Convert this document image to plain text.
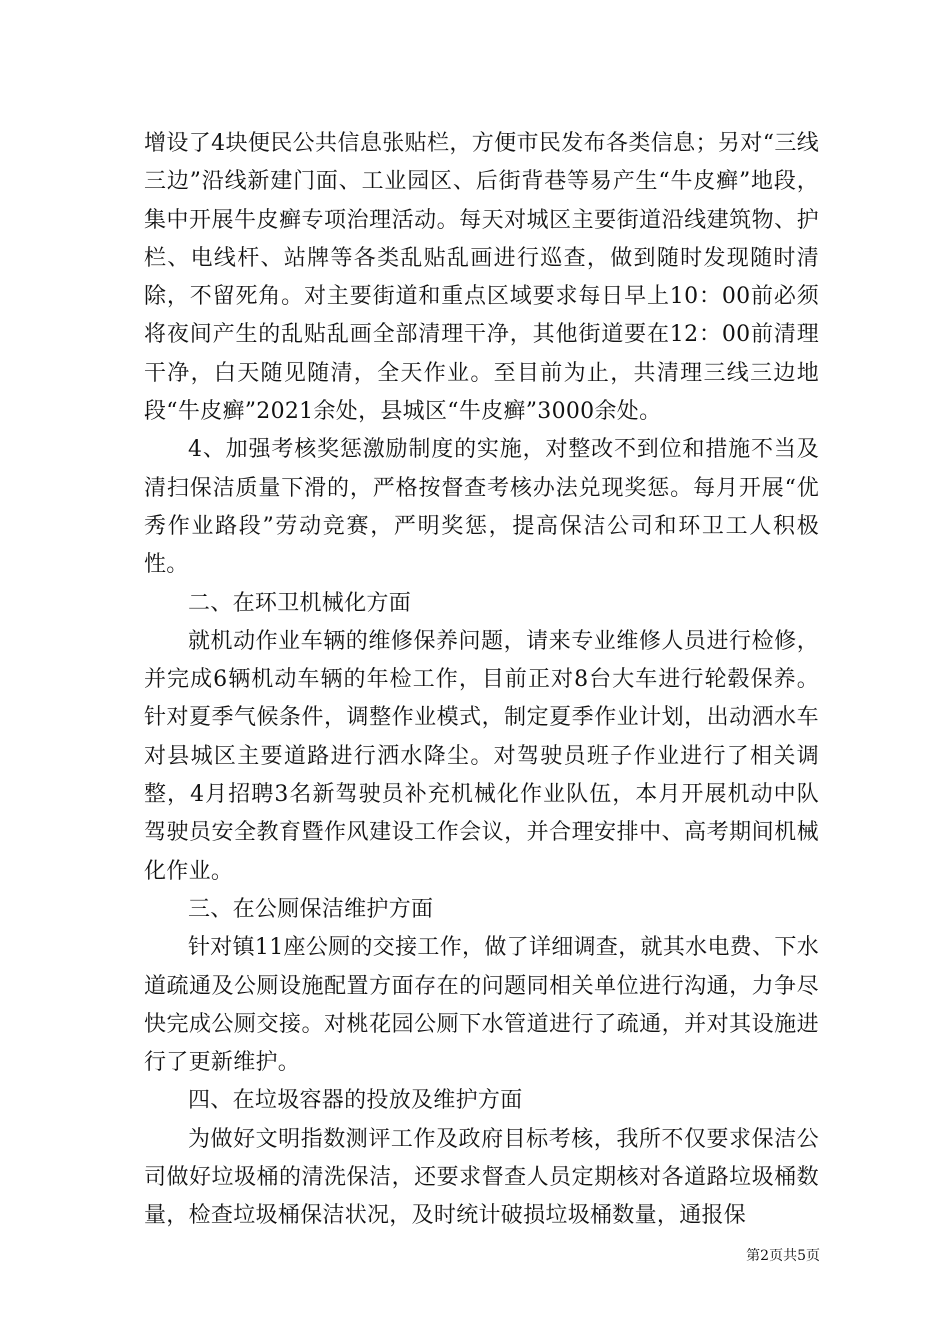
增设了4块便民公共信息张贴栏，方便市民发布各类信息；另对“三线三边”沿线新建门面、工业园区、后街背巷等易产生“牛皮癣”地段，集中开展牛皮癣专项治理活动。每天对城区主要街道沿线建筑物、护栏、电线杆、站牌等各类乱贴乱画进行巡查，做到随时发现随时清除，不留死角。对主要街道和重点区域要求每日早上10：00前必须将夜间产生的乱贴乱画全部清理干净，其他街道要在12：00前清理干净，白天随见随清，全天作业。至目前为止，共清理三线三边地段“牛皮癣”2021余处，县城区“牛皮癣”3000余处。

4、加强考核奖惩激励制度的实施，对整改不到位和措施不当及清扫保洁质量下滑的，严格按督查考核办法兑现奖惩。每月开展“优秀作业路段”劳动竞赛，严明奖惩，提高保洁公司和环卫工人积极性。

二、在环卫机械化方面

就机动作业车辆的维修保养问题，请来专业维修人员进行检修，并完成6辆机动车辆的年检工作，目前正对8台大车进行轮毂保养。针对夏季气候条件，调整作业模式，制定夏季作业计划，出动洒水车对县城区主要道路进行洒水降尘。对驾驶员班子作业进行了相关调整，4月招聘3名新驾驶员补充机械化作业队伍，本月开展机动中队驾驶员安全教育暨作风建设工作会议，并合理安排中、高考期间机械化作业。

三、在公厕保洁维护方面

针对镇11座公厕的交接工作，做了详细调查，就其水电费、下水道疏通及公厕设施配置方面存在的问题同相关单位进行沟通，力争尽快完成公厕交接。对桃花园公厕下水管道进行了疏通，并对其设施进行了更新维护。

四、在垃圾容器的投放及维护方面

为做好文明指数测评工作及政府目标考核，我所不仅要求保洁公司做好垃圾桶的清洗保洁，还要求督查人员定期核对各道路垃圾桶数量，检查垃圾桶保洁状况，及时统计破损垃圾桶数量，通报保

第2页共5页
